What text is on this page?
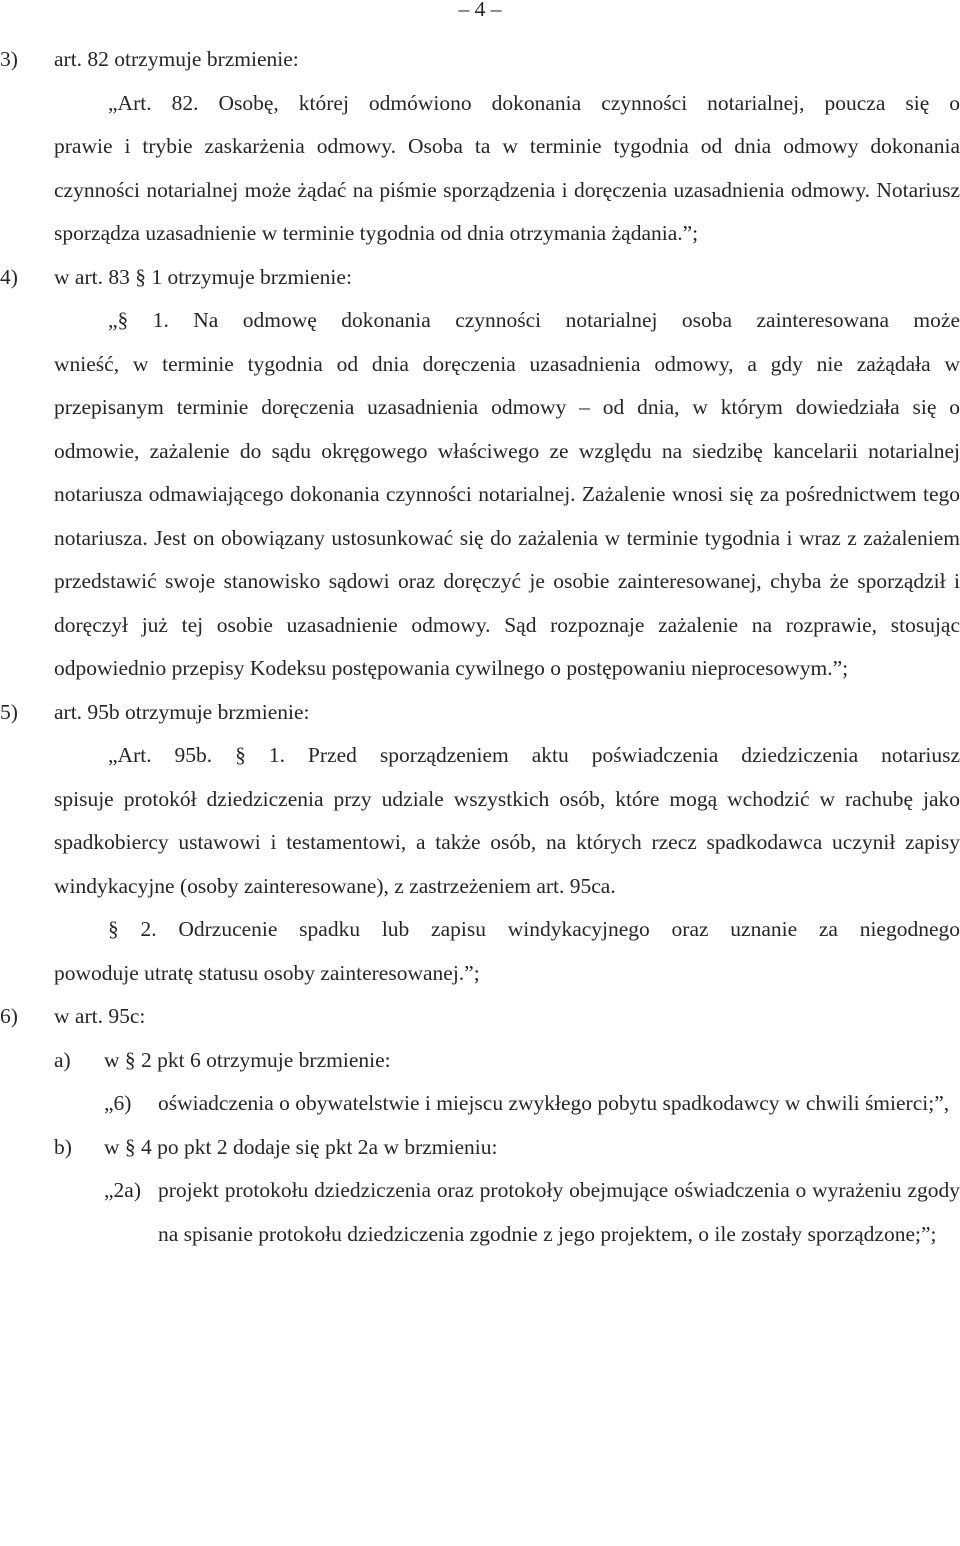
– 4 –
3)	art. 82 otrzymuje brzmienie:

„Art. 82. Osobę, której odmówiono dokonania czynności notarialnej, poucza się o

prawie i trybie zaskarżenia odmowy. Osoba ta w terminie tygodnia od dnia odmowy dokonania czynności notarialnej może żądać na piśmie sporządzenia i doręczenia uzasadnienia odmowy. Notariusz sporządza uzasadnienie w terminie tygodnia od dnia otrzymania żądania.”;

4)	w art. 83 § 1 otrzymuje brzmienie:

„§ 1. Na odmowę dokonania czynności notarialnej osoba zainteresowana może

wnieść, w terminie tygodnia od dnia doręczenia uzasadnienia odmowy, a gdy nie zażądała w przepisanym terminie doręczenia uzasadnienia odmowy – od dnia, w którym dowiedziała się o odmowie, zażalenie do sądu okręgowego właściwego ze względu na siedzibę kancelarii notarialnej notariusza odmawiającego dokonania czynności notarialnej. Zażalenie wnosi się za pośrednictwem tego notariusza. Jest on obowiązany ustosunkować się do zażalenia w terminie tygodnia i wraz z zażaleniem przedstawić swoje stanowisko sądowi oraz doręczyć je osobie zainteresowanej, chyba że sporządził i doręczył już tej osobie uzasadnienie odmowy. Sąd rozpoznaje zażalenie na rozprawie, stosując odpowiednio przepisy Kodeksu postępowania cywilnego o postępowaniu nieprocesowym.”;

5)	art. 95b otrzymuje brzmienie:

„Art. 95b. § 1. Przed sporządzeniem aktu poświadczenia dziedziczenia notariusz

spisuje protokół dziedziczenia przy udziale wszystkich osób, które mogą wchodzić w rachubę jako spadkobiercy ustawowi i testamentowi, a także osób, na których rzecz spadkodawca uczynił zapisy windykacyjne (osoby zainteresowane), z zastrzeżeniem art. 95ca.

§ 2. Odrzucenie spadku lub zapisu windykacyjnego oraz uznanie za niegodnego

powoduje utratę statusu osoby zainteresowanej.”;

6)	w art. 95c:
a)	w § 2 pkt 6 otrzymuje brzmienie:
„6)	oświadczenia o obywatelstwie i miejscu zwykłego pobytu spadkodawcy w chwili śmierci;”,
b)	w § 4 po pkt 2 dodaje się pkt 2a w brzmieniu:
„2a) projekt protokołu dziedziczenia oraz protokoły obejmujące oświadczenia o wyrażeniu zgody na spisanie protokołu dziedziczenia zgodnie z jego projektem, o ile zostały sporządzone;”;
